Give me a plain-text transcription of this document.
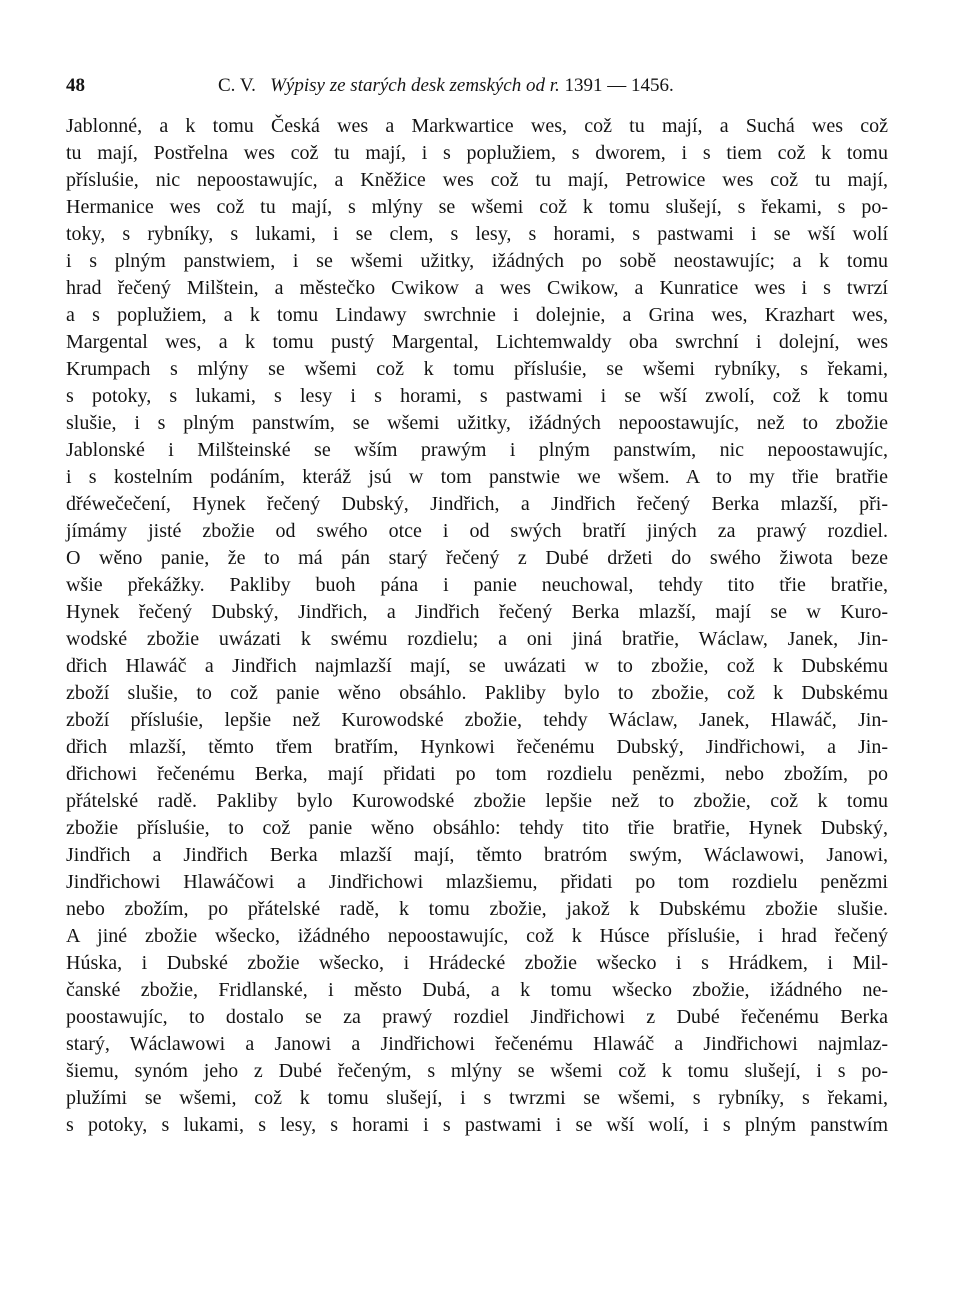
48	C. V. Wýpisy ze starých desk zemských od r. 1391 — 1456.
Jablonné, a k tomu Česká wes a Markwartice wes, což tu mají, a Suchá wes což
tu mají, Postřelna wes což tu mají, i s poplužiem, s dworem, i s tiem což k tomu
přísluśie, nic nepoostawujíc, a Kněžice wes což tu mají, Petrowice wes což tu mají,
Hermanice wes což tu mají, s mlýny se wšemi což k tomu slušejí, s řekami, s po-
toky, s rybníky, s lukami, i se clem, s lesy, s horami, s pastwami i se wší wolí
i s plným panstwiem, i se wšemi užitky, ižádných po sobě neostawujíc; a k tomu
hrad řečený Milštein, a městečko Cwikow a wes Cwikow, a Kunratice wes i s twrzí
a s poplužiem, a k tomu Lindawy swrchnie i dolejnie, a Grina wes, Krazhart wes,
Margental wes, a k tomu pustý Margental, Lichtemwaldy oba swrchní i dolejní, wes
Krumpach s mlýny se wšemi což k tomu přísluśie, se wšemi rybníky, s řekami,
s potoky, s lukami, s lesy i s horami, s pastwami i se wší zwolí, což k tomu
slušie, i s plným panstwím, se wšemi užitky, ižádných nepoostawujíc, než to zbožie
Jablonské i Milšteinské se wším prawým i plným panstwím, nic nepoostawujíc,
i s kostelním podáním, kteráž jsú w tom panstwie we wšem. A to my třie bratřie
dřéwečečení, Hynek řečený Dubský, Jindřich, a Jindřich řečený Berka mlazší, při-
jímámy jisté zbožie od swého otce i od swých bratří jiných za prawý rozdiel.
O wěno panie, že to má pán starý řečený z Dubé držeti do swého žiwota beze
wšie překážky. Pakliby buoh pána i panie neuchowal, tehdy tito třie bratřie,
Hynek řečený Dubský, Jindřich, a Jindřich řečený Berka mlazší, mají se w Kuro-
wodské zbožie uwázati k swému rozdielu; a oni jiná bratřie, Wáclaw, Janek, Jin-
dřich Hlawáč a Jindřich najmlazší mají, se uwázati w to zbožie, což k Dubskému
zboží slušie, to což panie wěno obsáhlo. Pakliby bylo to zbožie, což k Dubskému
zboží přísluśie, lepšie než Kurowodské zbožie, tehdy Wáclaw, Janek, Hlawáč, Jin-
dřich mlazší, těmto třem bratřím, Hynkowi řečenému Dubský, Jindřichowi, a Jin-
dřichowi řečenému Berka, mají přidati po tom rozdielu penězmi, nebo zbožím, po
přátelské radě. Pakliby bylo Kurowodské zbožie lepšie než to zbožie, což k tomu
zbožie přísluśie, to což panie wěno obsáhlo: tehdy tito třie bratřie, Hynek Dubský,
Jindřich a Jindřich Berka mlazší mají, těmto bratróm swým, Wáclawowi, Janowi,
Jindřichowi Hlawáčowi a Jindřichowi mlazšiemu, přidati po tom rozdielu penězmi
nebo zbožím, po přátelské radě, k tomu zbožie, jakož k Dubskému zbožie slušie.
A jiné zbožie wšecko, ižádného nepoostawujíc, což k Húsce přísluśie, i hrad řečený
Húska, i Dubské zbožie wšecko, i Hrádecké zbožie wšecko i s Hrádkem, i Mil-
čanské zbožie, Fridlanské, i město Dubá, a k tomu wšecko zbožie, ižádného ne-
poostawujíc, to dostalo se za prawý rozdiel Jindřichowi z Dubé řečenému Berka
starý, Wáclawowi a Janowi a Jindřichowi řečenému Hlawáč a Jindřichowi najmlaz-
šiemu, synóm jeho z Dubé řečeným, s mlýny se wšemi což k tomu slušejí, i s po-
plužími se wšemi, což k tomu slušejí, i s twrzmi se wšemi, s rybníky, s řekami,
s potoky, s lukami, s lesy, s horami i s pastwami i se wší wolí, i s plným panstwím
